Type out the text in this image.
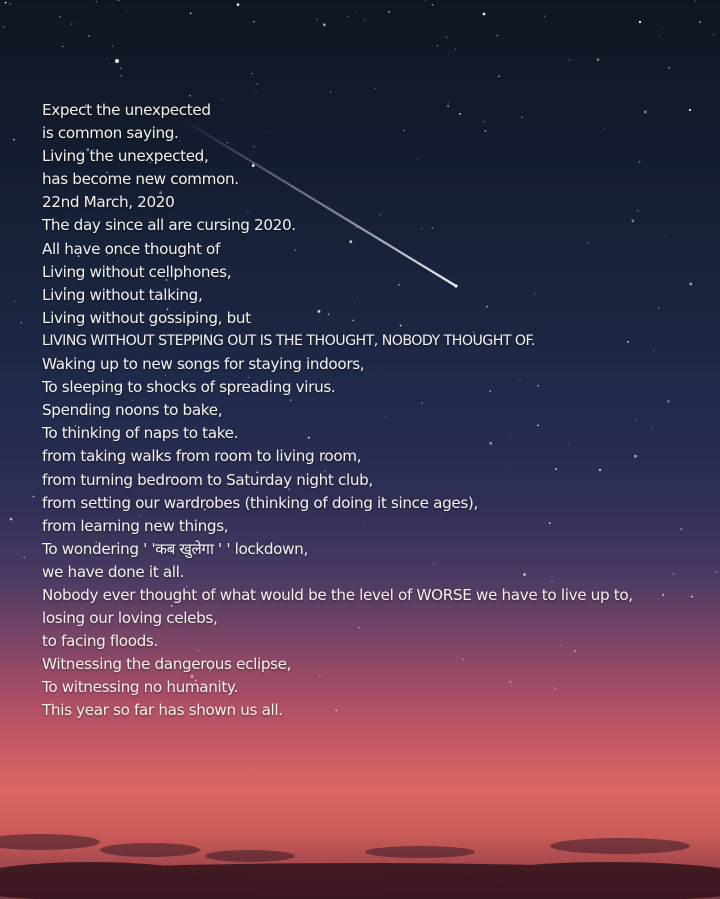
Expect the unexpected
is common saying.
Living the unexpected,
has become new common.
22nd March, 2020
The day since all are cursing 2020.
All have once thought of
Living without cellphones,
Living without talking,
Living without gossiping, but
LIVING WITHOUT STEPPING OUT IS THE THOUGHT, NOBODY THOUGHT OF.
Waking up to new songs for staying indoors,
To sleeping to shocks of spreading virus.
Spending noons to bake,
To thinking of naps to take.
from taking walks from room to living room,
from turning bedroom to Saturday night club,
from setting our wardrobes (thinking of doing it since ages),
from learning new things,
To wondering ' 'कब खुलेगा ' ' lockdown,
we have done it all.
Nobody ever thought of what would be the level of WORSE we have to live up to,
losing our loving celebs,
to facing floods.
Witnessing the dangerous eclipse,
To witnessing no humanity.
This year so far has shown us all.
